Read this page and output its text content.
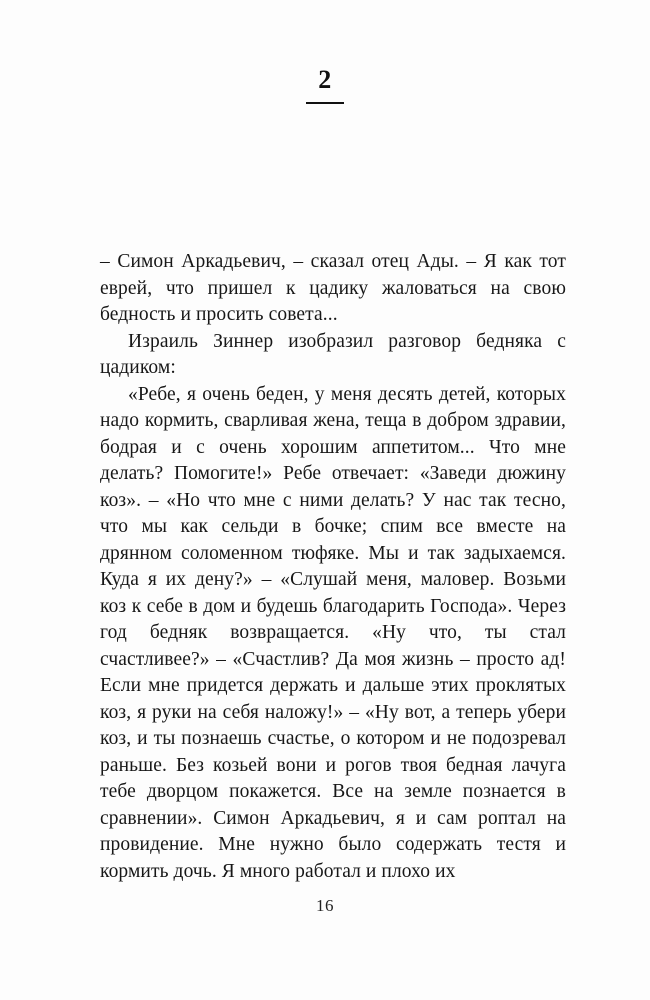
2

– Симон Аркадьевич, – сказал отец Ады. – Я как тот еврей, что пришел к цадику жаловаться на свою бедность и просить совета...

Израиль Зиннер изобразил разговор бедняка с цадиком:

«Ребе, я очень беден, у меня десять детей, которых надо кормить, сварливая жена, теща в добром здравии, бодрая и с очень хорошим аппетитом... Что мне делать? Помогите!» Ребе отвечает: «Заведи дюжину коз». – «Но что мне с ними делать? У нас так тесно, что мы как сельди в бочке; спим все вместе на дрянном соломенном тюфяке. Мы и так задыхаемся. Куда я их дену?» – «Слушай меня, маловер. Возьми коз к себе в дом и будешь благодарить Господа». Через год бедняк возвращается. «Ну что, ты стал счастливее?» – «Счастлив? Да моя жизнь – просто ад! Если мне придется держать и дальше этих проклятых коз, я руки на себя наложу!» – «Ну вот, а теперь убери коз, и ты познаешь счастье, о котором и не подозревал раньше. Без козьей вони и рогов твоя бедная лачуга тебе дворцом покажется. Все на земле познается в сравнении». Симон Аркадьевич, я и сам роптал на провидение. Мне нужно было содержать тестя и кормить дочь. Я много работал и плохо их

16
